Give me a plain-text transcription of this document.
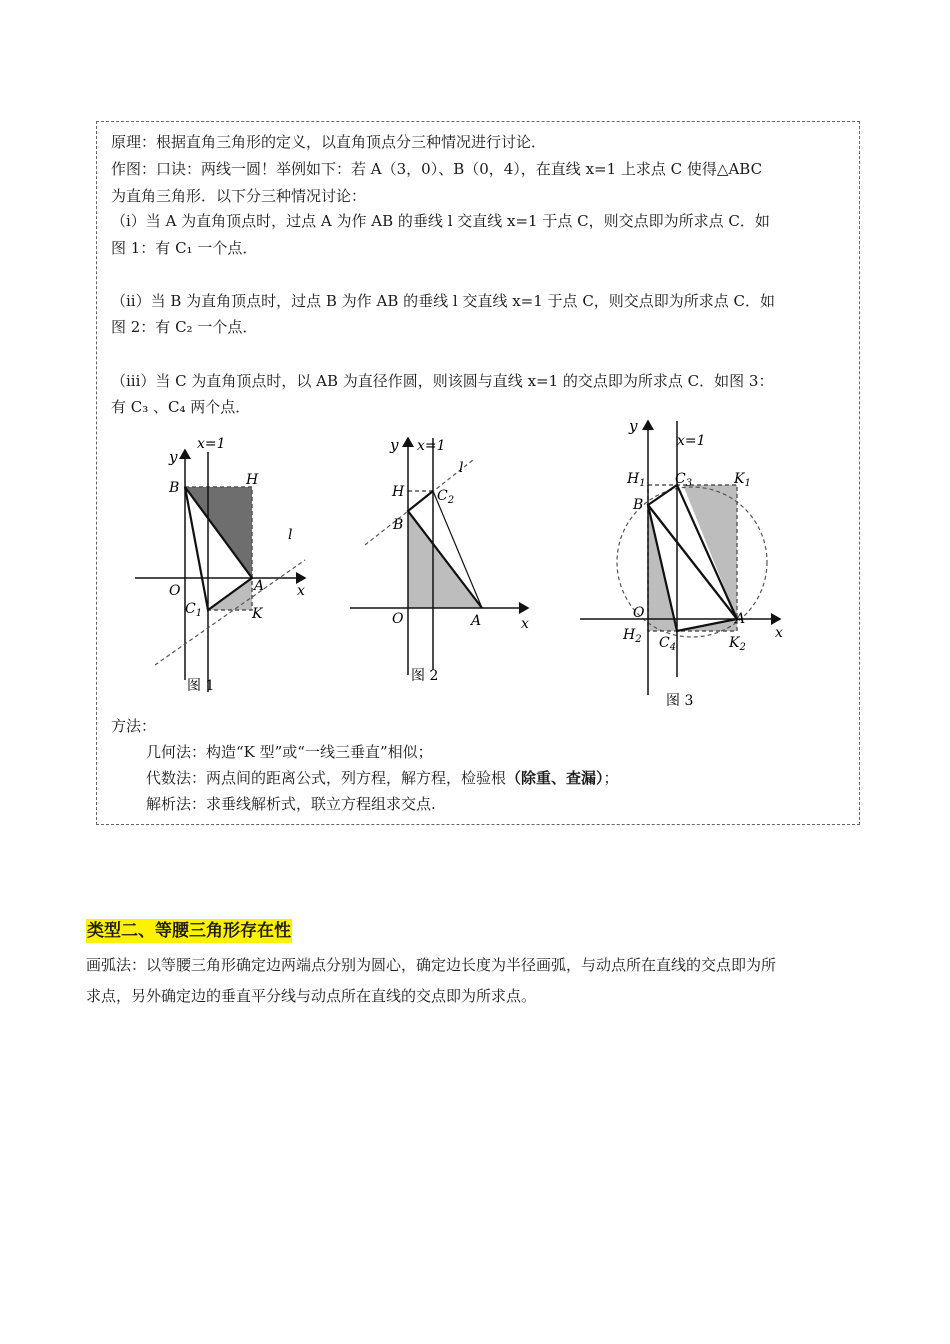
原理：根据直角三角形的定义，以直角顶点分三种情况进行讨论．
作图：口诀：两线一圆！举例如下：若 A（3，0）、B（0，4），在直线 x=1 上求点 C 使得△ABC
为直角三角形．以下分三种情况讨论：
（i）当 A 为直角顶点时，过点 A 为作 AB 的垂线 l 交直线 x=1 于点 C，则交点即为所求点 C．如
图 1：有 C₁ 一个点．
（ii）当 B 为直角顶点时，过点 B 为作 AB 的垂线 l 交直线 x=1 于点 C，则交点即为所求点 C．如
图 2：有 C₂ 一个点．
（iii）当 C 为直角顶点时，以 AB 为直径作圆，则该圆与直线 x=1 的交点即为所求点 C．如图 3：
有 C₃ 、C₄ 两个点．
y
x=1
B	H
l
O	A x
$C_1$	K
图 1
y x=1
l
H $C_2$
B
O	A	x
图 2
y
x=1
$H_1$ $C_3$	$K_1$
B
O	A
x
$H_2$ $C_4$	$K_2$
图 3
方法：
几何法：构造“K 型”或“一线三垂直”相似；
代数法：两点间的距离公式，列方程，解方程，检验根（除重、查漏）；
解析法：求垂线解析式，联立方程组求交点.
类型二、等腰三角形存在性
画弧法：以等腰三角形确定边两端点分别为圆心，确定边长度为半径画弧，与动点所在直线的交点即为所
求点，另外确定边的垂直平分线与动点所在直线的交点即为所求点。
